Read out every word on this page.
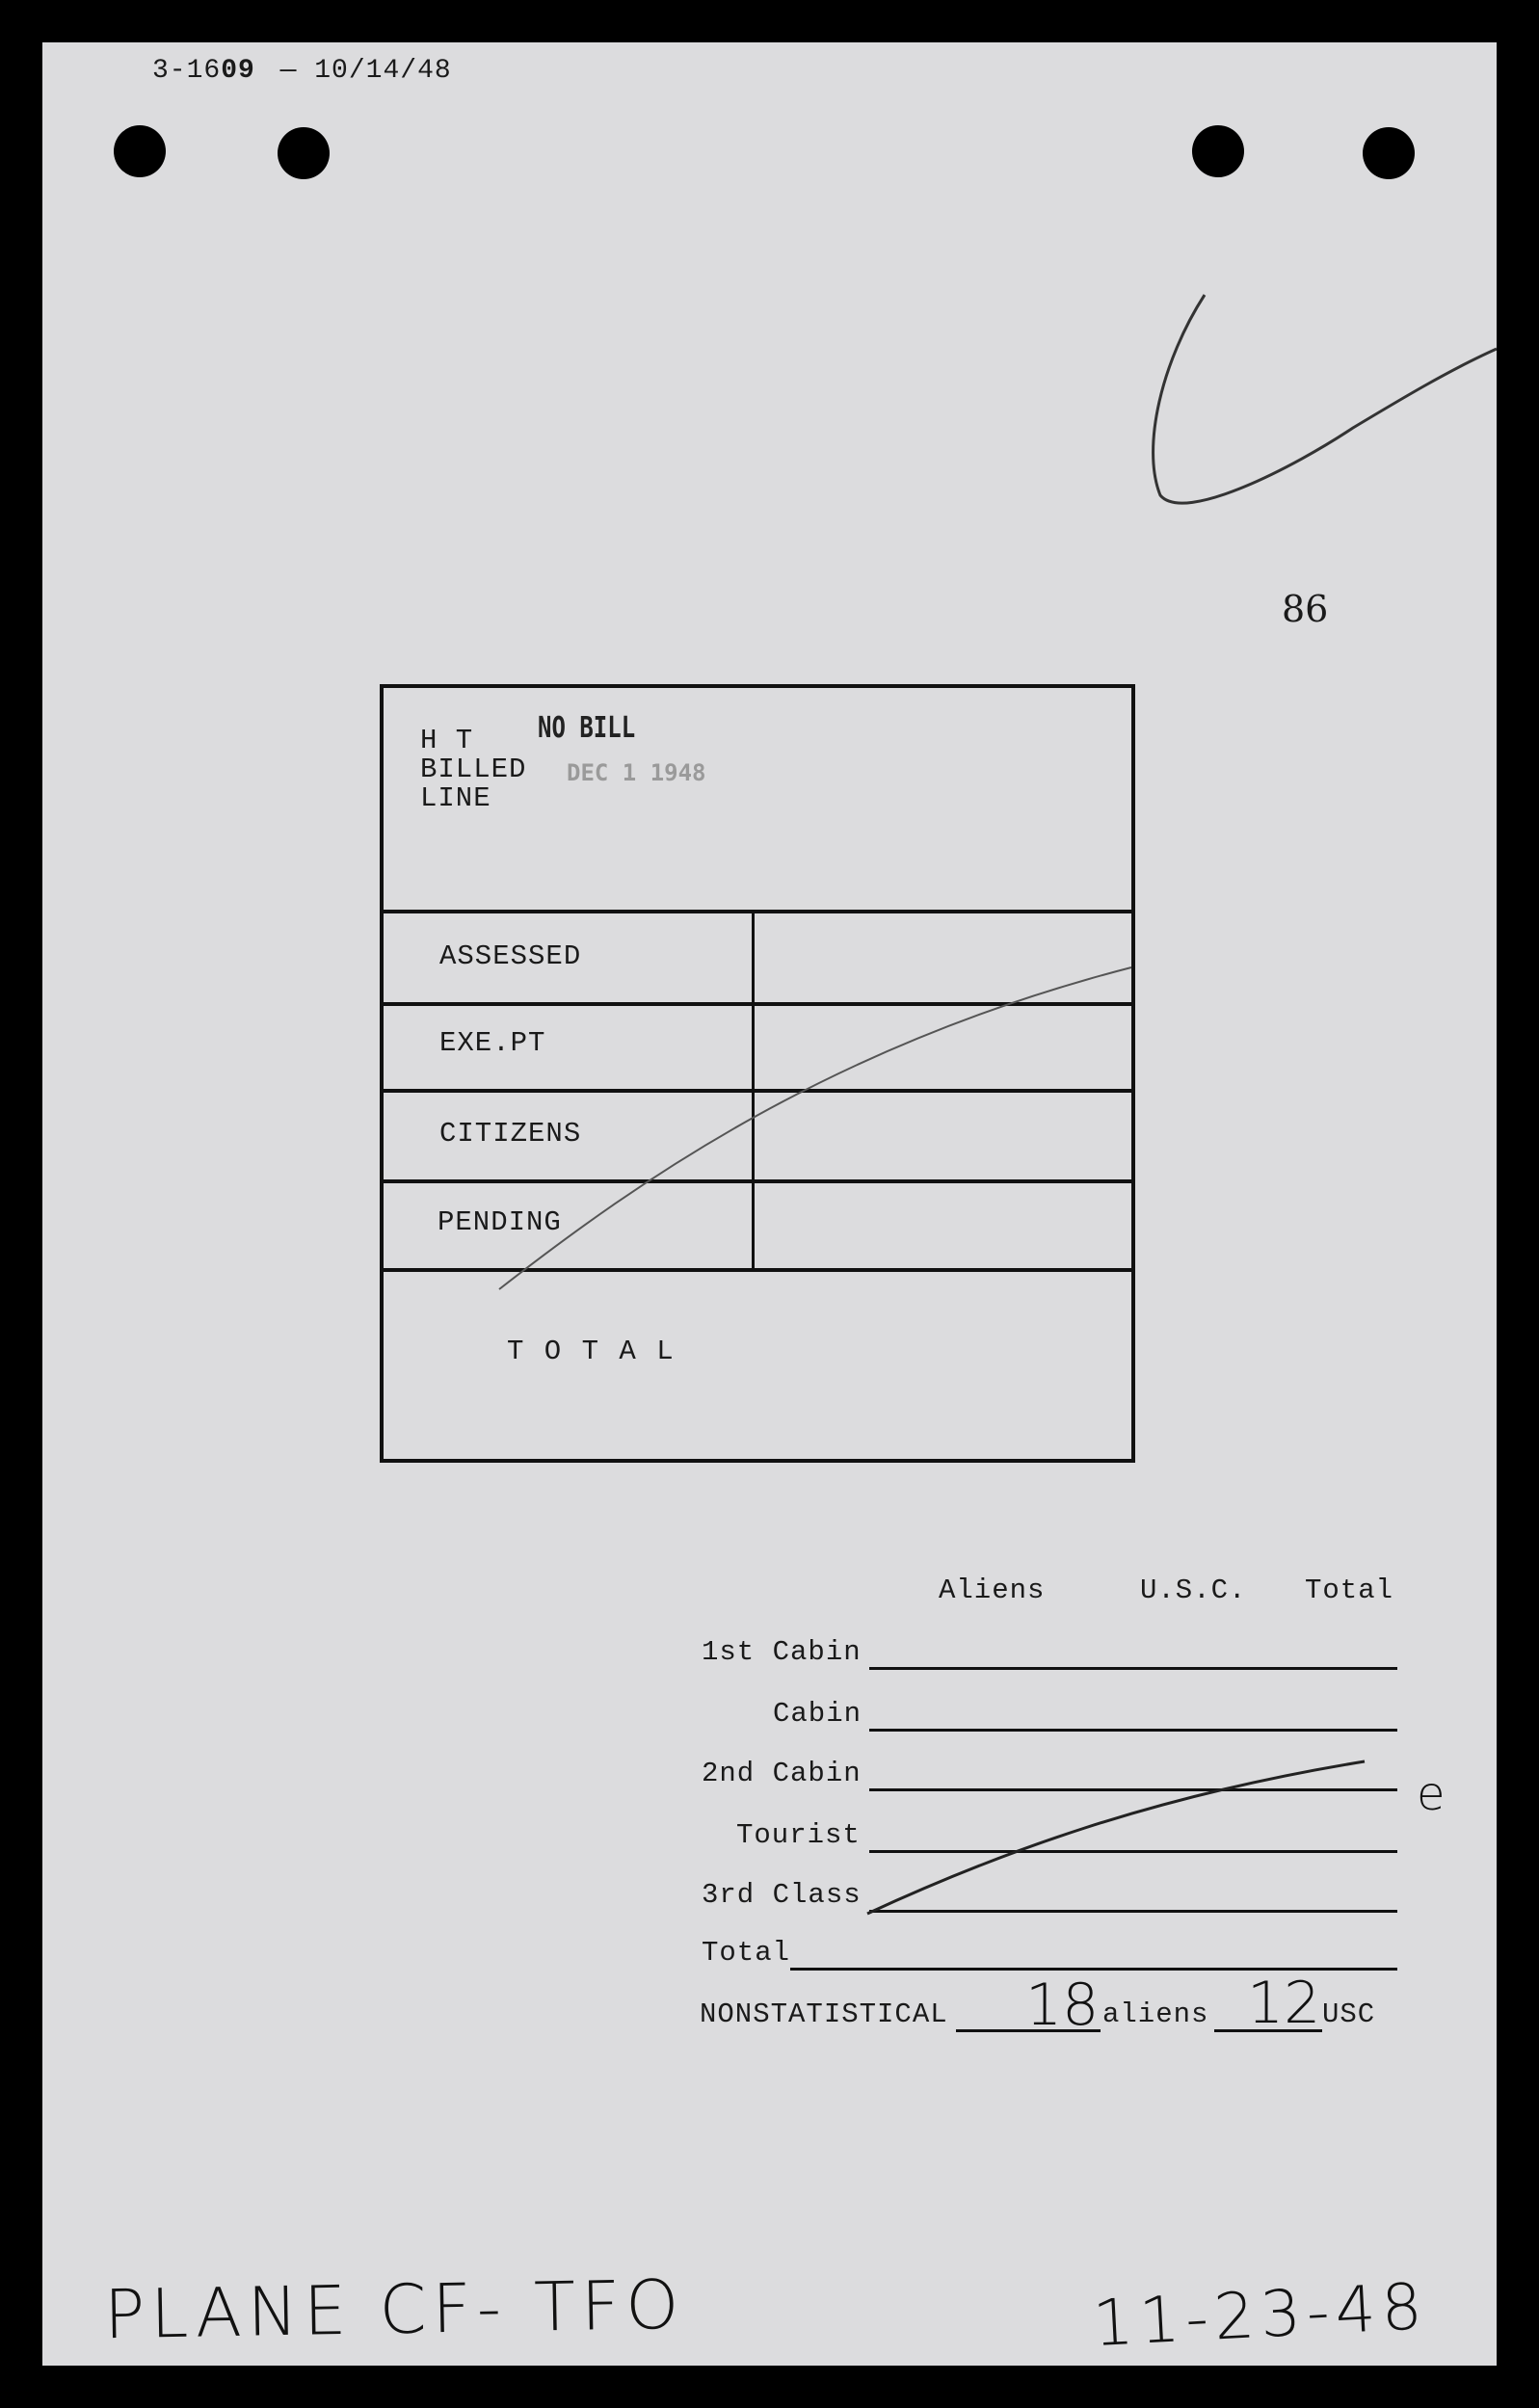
3-1609 — 10/14/48
86
H T
BILLED
LINE
NO BILL
DEC 1 1948
ASSESSED
EXE.PT
CITIZENS
PENDING
T O T A L
Aliens	U.S.C. Total
1st Cabin
Cabin
2nd Cabin
Tourist
3rd Class
Total
NONSTATISTICAL 18 aliens 12 USC
e
PLANE CF- TFO	11-23-48
